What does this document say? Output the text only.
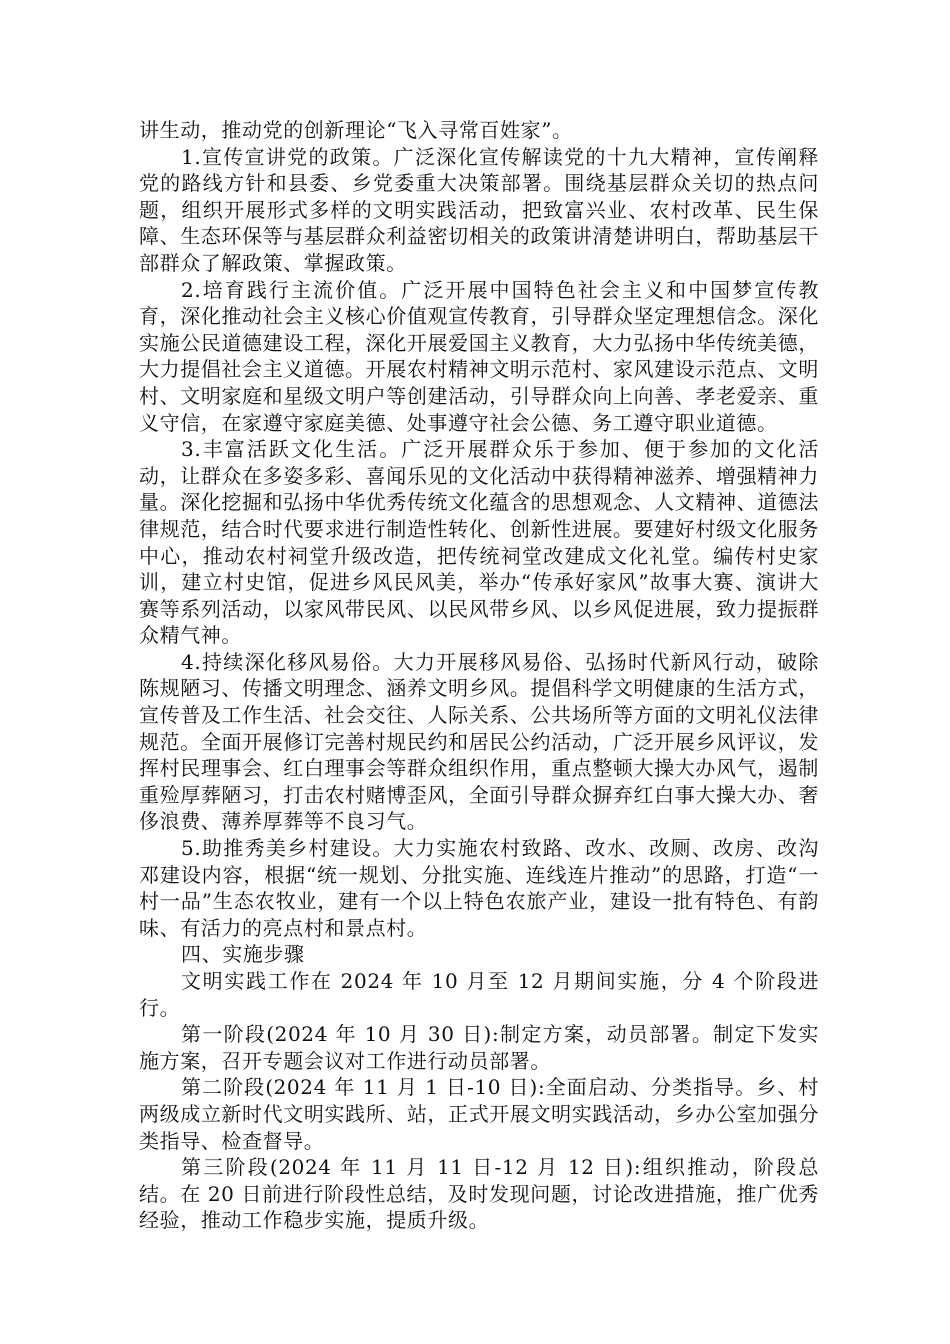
讲生动，推动党的创新理论“飞入寻常百姓家”。

1.宣传宣讲党的政策。广泛深化宣传解读党的十九大精神，宣传阐释党的路线方针和县委、乡党委重大决策部署。围绕基层群众关切的热点问题，组织开展形式多样的文明实践活动，把致富兴业、农村改革、民生保障、生态环保等与基层群众利益密切相关的政策讲清楚讲明白，帮助基层干部群众了解政策、掌握政策。

2.培育践行主流价值。广泛开展中国特色社会主义和中国梦宣传教育，深化推动社会主义核心价值观宣传教育，引导群众坚定理想信念。深化实施公民道德建设工程，深化开展爱国主义教育，大力弘扬中华传统美德，大力提倡社会主义道德。开展农村精神文明示范村、家风建设示范点、文明村、文明家庭和星级文明户等创建活动，引导群众向上向善、孝老爱亲、重义守信，在家遵守家庭美德、处事遵守社会公德、务工遵守职业道德。

3.丰富活跃文化生活。广泛开展群众乐于参加、便于参加的文化活动，让群众在多姿多彩、喜闻乐见的文化活动中获得精神滋养、增强精神力量。深化挖掘和弘扬中华优秀传统文化蕴含的思想观念、人文精神、道德法律规范，结合时代要求进行制造性转化、创新性进展。要建好村级文化服务中心，推动农村祠堂升级改造，把传统祠堂改建成文化礼堂。编传村史家训，建立村史馆，促进乡风民风美，举办“传承好家风”故事大赛、演讲大赛等系列活动，以家风带民风、以民风带乡风、以乡风促进展，致力提振群众精气神。

4.持续深化移风易俗。大力开展移风易俗、弘扬时代新风行动，破除陈规陋习、传播文明理念、涵养文明乡风。提倡科学文明健康的生活方式，宣传普及工作生活、社会交往、人际关系、公共场所等方面的文明礼仪法律规范。全面开展修订完善村规民约和居民公约活动，广泛开展乡风评议，发挥村民理事会、红白理事会等群众组织作用，重点整顿大操大办风气，遏制重殓厚葬陋习，打击农村赌博歪风，全面引导群众摒弃红白事大操大办、奢侈浪费、薄养厚葬等不良习气。

5.助推秀美乡村建设。大力实施农村致路、改水、改厕、改房、改沟邓建设内容，根据“统一规划、分批实施、连线连片推动”的思路，打造“一村一品”生态农牧业，建有一个以上特色农旅产业，建设一批有特色、有韵味、有活力的亮点村和景点村。

四、实施步骤

文明实践工作在 2024 年 10 月至 12 月期间实施，分 4 个阶段进行。

第一阶段(2024 年 10 月 30 日):制定方案，动员部署。制定下发实施方案，召开专题会议对工作进行动员部署。

第二阶段(2024 年 11 月 1 日-10 日):全面启动、分类指导。乡、村两级成立新时代文明实践所、站，正式开展文明实践活动，乡办公室加强分类指导、检查督导。

第三阶段(2024 年 11 月 11 日-12 月 12 日):组织推动，阶段总结。在 20 日前进行阶段性总结，及时发现问题，讨论改进措施，推广优秀经验，推动工作稳步实施，提质升级。
